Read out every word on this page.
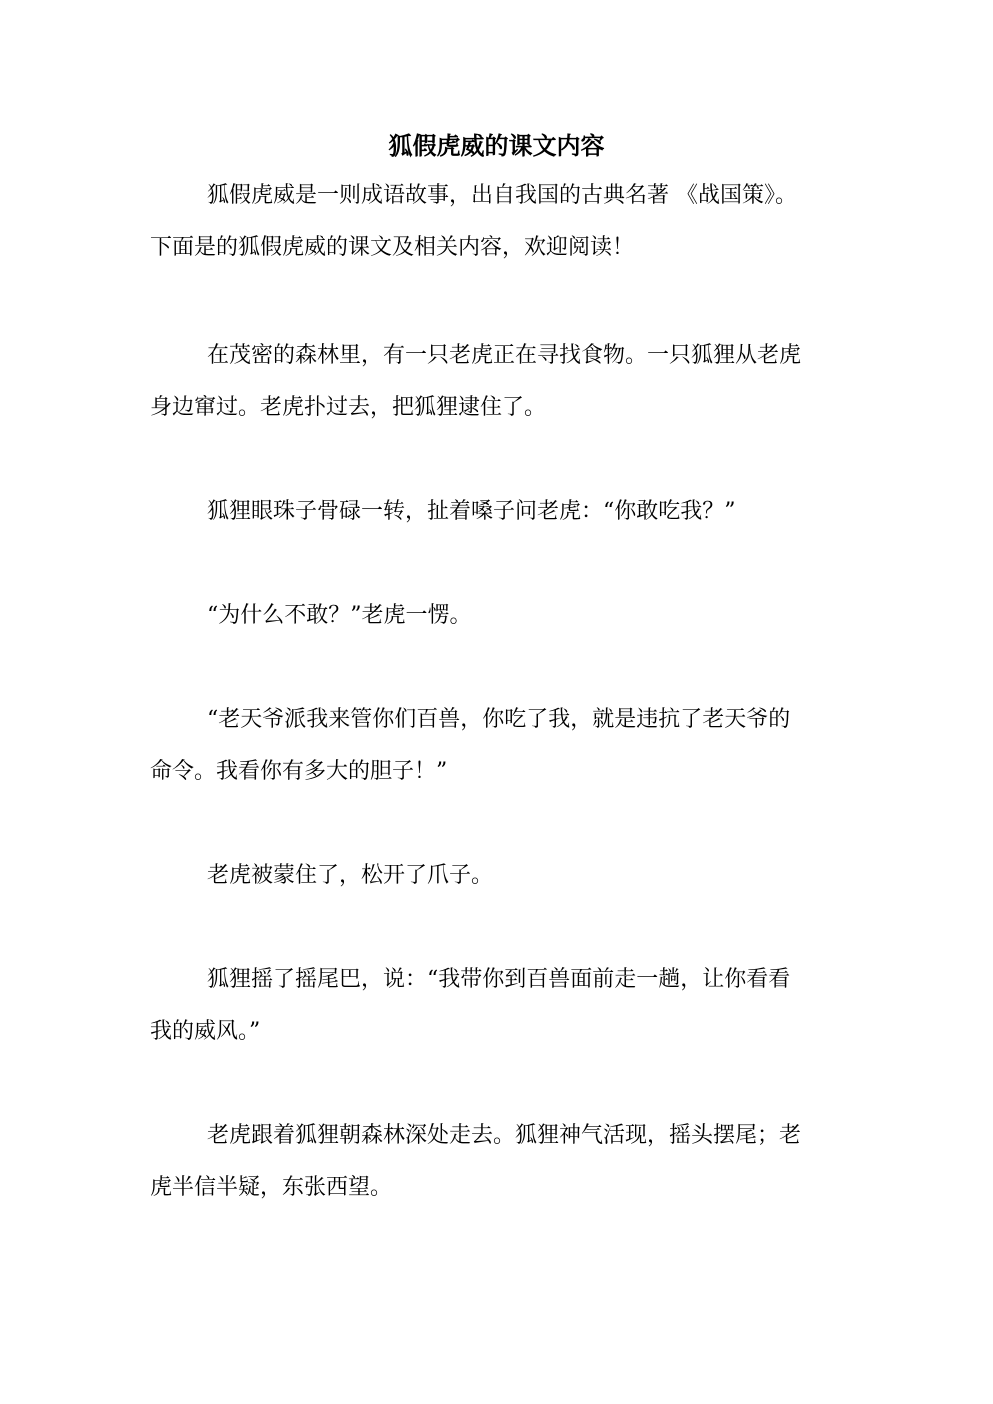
狐假虎威的课文内容

狐假虎威是一则成语故事，出自我国的古典名著 《战国策》。
下面是的狐假虎威的课文及相关内容，欢迎阅读！

在茂密的森林里，有一只老虎正在寻找食物。一只狐狸从老虎
身边窜过。老虎扑过去，把狐狸逮住了。

狐狸眼珠子骨碌一转，扯着嗓子问老虎：“你敢吃我？”

“为什么不敢？”老虎一愣。

“老天爷派我来管你们百兽，你吃了我，就是违抗了老天爷的
命令。我看你有多大的胆子！”

老虎被蒙住了，松开了爪子。

狐狸摇了摇尾巴，说：“我带你到百兽面前走一趟，让你看看
我的威风。”

老虎跟着狐狸朝森林深处走去。狐狸神气活现，摇头摆尾；老
虎半信半疑，东张西望。
